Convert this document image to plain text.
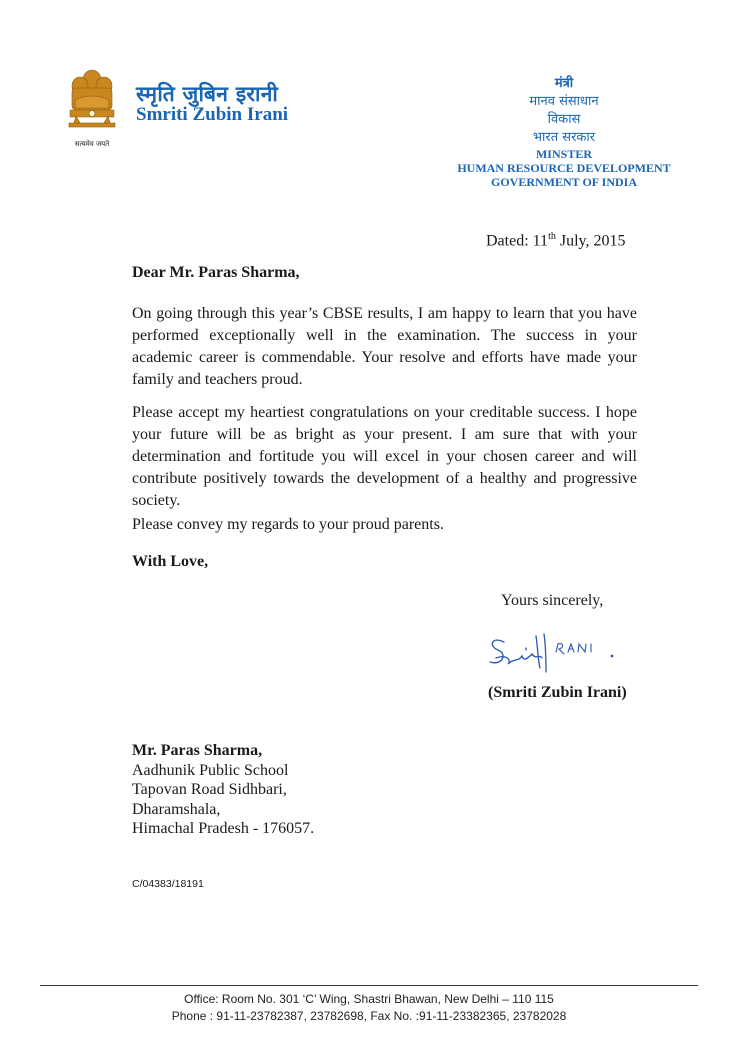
सत्यमेव जयते
स्मृति जुबिन इरानी
Smriti Zubin Irani
मंत्री
मानव संसाधान
विकास
भारत सरकार
MINSTER
HUMAN RESOURCE DEVELOPMENT
GOVERNMENT OF INDIA
Dated: 11th July, 2015
Dear Mr. Paras Sharma,
On going through this year’s CBSE results, I am happy to learn that you have performed exceptionally well in the examination. The success in your academic career is commendable. Your resolve and efforts have made your family and teachers proud.
Please accept my heartiest congratulations on your creditable success. I hope your future will be as bright as your present. I am sure that with your determination and fortitude you will excel in your chosen career and will contribute positively towards the development of a healthy and progressive society.
Please convey my regards to your proud parents.
With Love,
Yours sincerely,
(Smriti Zubin Irani)
Mr. Paras Sharma,
Aadhunik Public School
Tapovan Road Sidhbari,
Dharamshala,
Himachal Pradesh - 176057.
C/04383/18191
Office: Room No. 301 ‘C’ Wing, Shastri Bhawan, New Delhi – 110 115
Phone : 91-11-23782387, 23782698, Fax No. :91-11-23382365, 23782028
